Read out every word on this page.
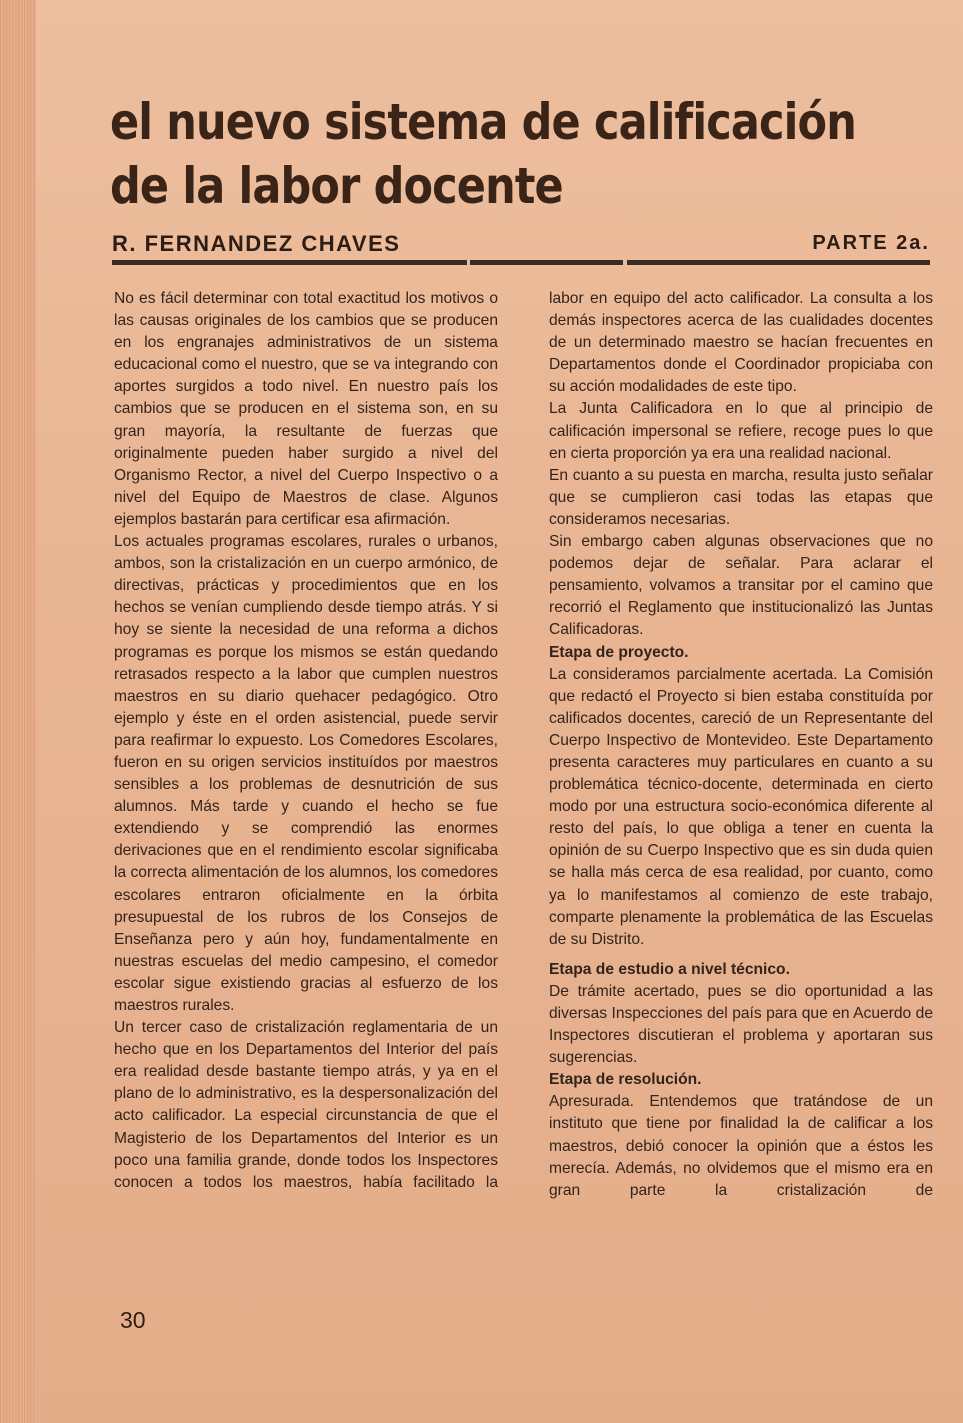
el nuevo sistema de calificación
de la labor docente
R. FERNANDEZ CHAVES	PARTE 2a.

No es fácil determinar con total exactitud los motivos o las causas originales de los cambios que se producen en los engranajes administrativos de un sistema educacional como el nuestro, que se va integrando con aportes surgidos a todo nivel. En nuestro país los cambios que se producen en el sistema son, en su gran mayoría, la resultante de fuerzas que originalmente pueden haber surgido a nivel del Organismo Rector, a nivel del Cuerpo Inspectivo o a nivel del Equipo de Maestros de clase. Algunos ejemplos bastarán para certificar esa afirmación.

Los actuales programas escolares, rurales o urbanos, ambos, son la cristalización en un cuerpo armónico, de directivas, prácticas y procedimientos que en los hechos se venían cumpliendo desde tiempo atrás. Y si hoy se siente la necesidad de una reforma a dichos programas es porque los mismos se están quedando retrasados respecto a la labor que cumplen nuestros maestros en su diario quehacer pedagógico. Otro ejemplo y éste en el orden asistencial, puede servir para reafirmar lo expuesto. Los Comedores Escolares, fueron en su origen servicios instituídos por maestros sensibles a los problemas de desnutrición de sus alumnos. Más tarde y cuando el hecho se fue extendiendo y se comprendió las enormes derivaciones que en el rendimiento escolar significaba la correcta alimentación de los alumnos, los comedores escolares entraron oficialmente en la órbita presupuestal de los rubros de los Consejos de Enseñanza pero y aún hoy, fundamentalmente en nuestras escuelas del medio campesino, el comedor escolar sigue existiendo gracias al esfuerzo de los maestros rurales.

Un tercer caso de cristalización reglamentaria de un hecho que en los Departamentos del Interior del país era realidad desde bastante tiempo atrás, y ya en el plano de lo administrativo, es la despersonalización del acto calificador. La especial circunstancia de que el Magisterio de los Departamentos del Interior es un poco una familia grande, donde todos los Inspectores conocen a todos los maestros, había facilitado la

labor en equipo del acto calificador. La consulta a los demás inspectores acerca de las cualidades docentes de un determinado maestro se hacían frecuentes en Departamentos donde el Coordinador propiciaba con su acción modalidades de este tipo.

La Junta Calificadora en lo que al principio de calificación impersonal se refiere, recoge pues lo que en cierta proporción ya era una realidad nacional.

En cuanto a su puesta en marcha, resulta justo señalar que se cumplieron casi todas las etapas que consideramos necesarias.

Sin embargo caben algunas observaciones que no podemos dejar de señalar. Para aclarar el pensamiento, volvamos a transitar por el camino que recorrió el Reglamento que institucionalizó las Juntas Calificadoras.

Etapa de proyecto.

La consideramos parcialmente acertada. La Comisión que redactó el Proyecto si bien estaba constituída por calificados docentes, careció de un Representante del Cuerpo Inspectivo de Montevideo. Este Departamento presenta caracteres muy particulares en cuanto a su problemática técnico-docente, determinada en cierto modo por una estructura socio-económica diferente al resto del país, lo que obliga a tener en cuenta la opinión de su Cuerpo Inspectivo que es sin duda quien se halla más cerca de esa realidad, por cuanto, como ya lo manifestamos al comienzo de este trabajo, comparte plenamente la problemática de las Escuelas de su Distrito.

Etapa de estudio a nivel técnico.

De trámite acertado, pues se dio oportunidad a las diversas Inspecciones del país para que en Acuerdo de Inspectores discutieran el problema y aportaran sus sugerencias.

Etapa de resolución.

Apresurada. Entendemos que tratándose de un instituto que tiene por finalidad la de calificar a los maestros, debió conocer la opinión que a éstos les merecía. Además, no olvidemos que el mismo era en gran parte la cristalización de

30
